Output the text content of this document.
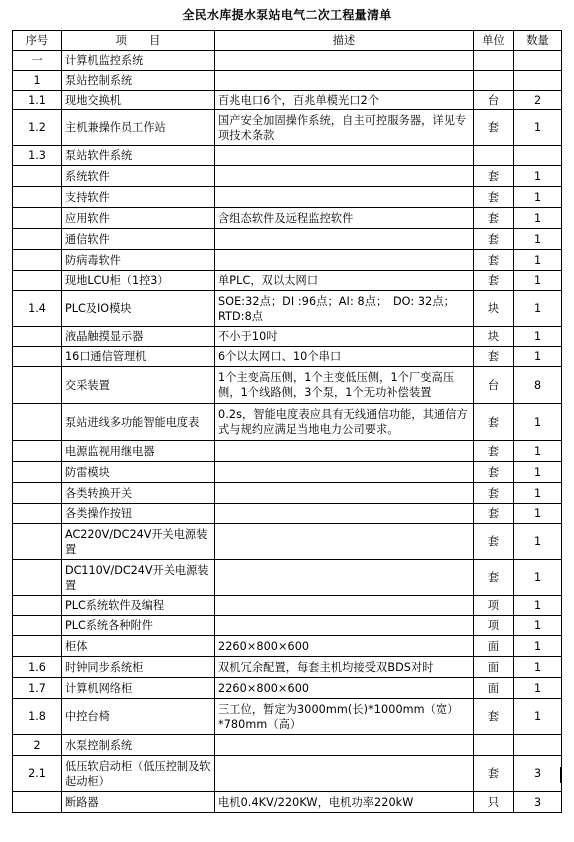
全民水库提水泵站电气二次工程量清单
序号	项　　目	描述	单位	数量
一	计算机监控系统			
1	泵站控制系统			
1.1	现地交换机	百兆电口6个，百兆单模光口2个	台	2
1.2	主机兼操作员工作站	国产安全加固操作系统，自主可控服务器，详见专项技术条款	套	1
1.3	泵站软件系统			
	系统软件		套	1
	支持软件		套	1
	应用软件	含组态软件及远程监控软件	套	1
	通信软件		套	1
	防病毒软件		套	1
	现地LCU柜（1控3）	单PLC，双以太网口	套	1
1.4	PLC及IO模块	SOE:32点；DI :96点；AI: 8点；　DO: 32点；RTD:8点	块	1
	液晶触摸显示器	不小于10吋	块	1
	16口通信管理机	6个以太网口、10个串口	套	1
	交采装置	1个主变高压侧，1个主变低压侧，1个厂变高压侧，1个线路侧，3个泵，1个无功补偿装置	台	8
	泵站进线多功能智能电度表	0.2s，智能电度表应具有无线通信功能，其通信方式与规约应满足当地电力公司要求。	套	1
	电源监视用继电器		套	1
	防雷模块		套	1
	各类转换开关		套	1
	各类操作按钮		套	1
	AC220V/DC24V开关电源装置		套	1
	DC110V/DC24V开关电源装置		套	1
	PLC系统软件及编程		项	1
	PLC系统各种附件		项	1
	柜体	2260×800×600	面	1
1.6	时钟同步系统柜	双机冗余配置，每套主机均接受双BDS对时	面	1
1.7	计算机网络柜	2260×800×600	面	1
1.8	中控台椅	三工位，暂定为3000mm(长)*1000mm（宽）*780mm（高）	套	1
2	水泵控制系统			
2.1	低压软启动柜（低压控制及软起动柜）		套	3
	断路器	电机0.4KV/220KW，电机功率220kW	只	3
